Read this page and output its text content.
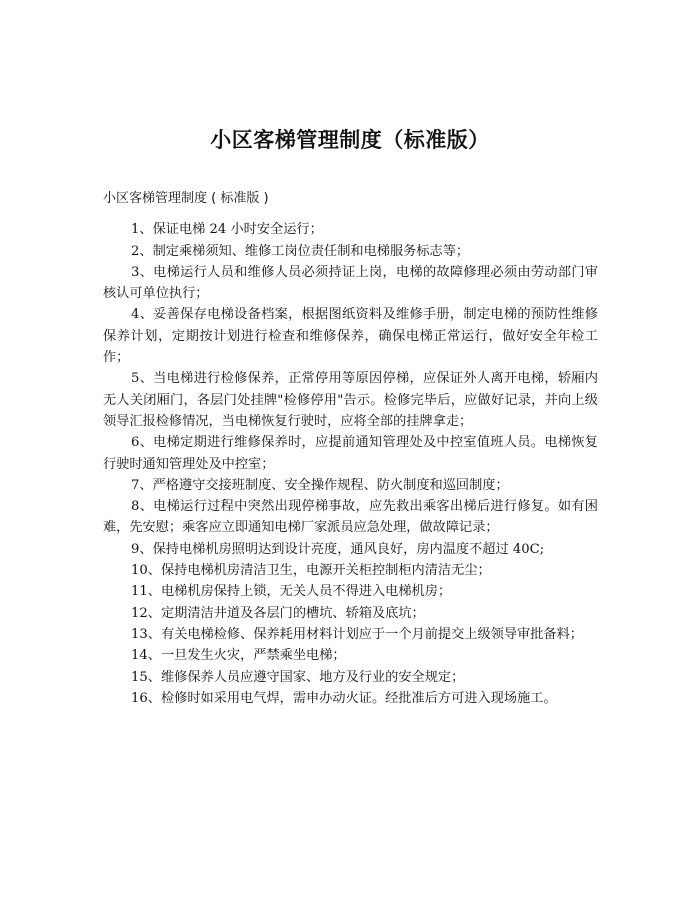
小区客梯管理制度（标准版）

小区客梯管理制度 ( 标准版 )

1、保证电梯 24 小时安全运行；

2、制定乘梯须知、维修工岗位责任制和电梯服务标志等；

3、电梯运行人员和维修人员必须持证上岗，电梯的故障修理必须由劳动部门审核认可单位执行；

4、妥善保存电梯设备档案，根据图纸资料及维修手册，制定电梯的预防性维修保养计划，定期按计划进行检查和维修保养，确保电梯正常运行，做好安全年检工作；

5、当电梯进行检修保养，正常停用等原因停梯，应保证外人离开电梯，轿厢内无人关闭厢门，各层门处挂牌"检修停用"告示。检修完毕后，应做好记录，并向上级领导汇报检修情况，当电梯恢复行驶时，应将全部的挂牌拿走；

6、电梯定期进行维修保养时，应提前通知管理处及中控室值班人员。电梯恢复行驶时通知管理处及中控室；

7、严格遵守交接班制度、安全操作规程、防火制度和巡回制度；

8、电梯运行过程中突然出现停梯事故，应先救出乘客出梯后进行修复。如有困难，先安慰；乘客应立即通知电梯厂家派员应急处理，做故障记录；

9、保持电梯机房照明达到设计亮度，通风良好，房内温度不超过 40C;

10、保持电梯机房清洁卫生，电源开关柜控制柜内清洁无尘；

11、电梯机房保持上锁，无关人员不得进入电梯机房；

12、定期清洁井道及各层门的槽坑、轿箱及底坑；

13、有关电梯检修、保养耗用材料计划应于一个月前提交上级领导审批备料；

14、一旦发生火灾，严禁乘坐电梯；

15、维修保养人员应遵守国家、地方及行业的安全规定；

16、检修时如采用电气焊，需申办动火证。经批准后方可进入现场施工。
